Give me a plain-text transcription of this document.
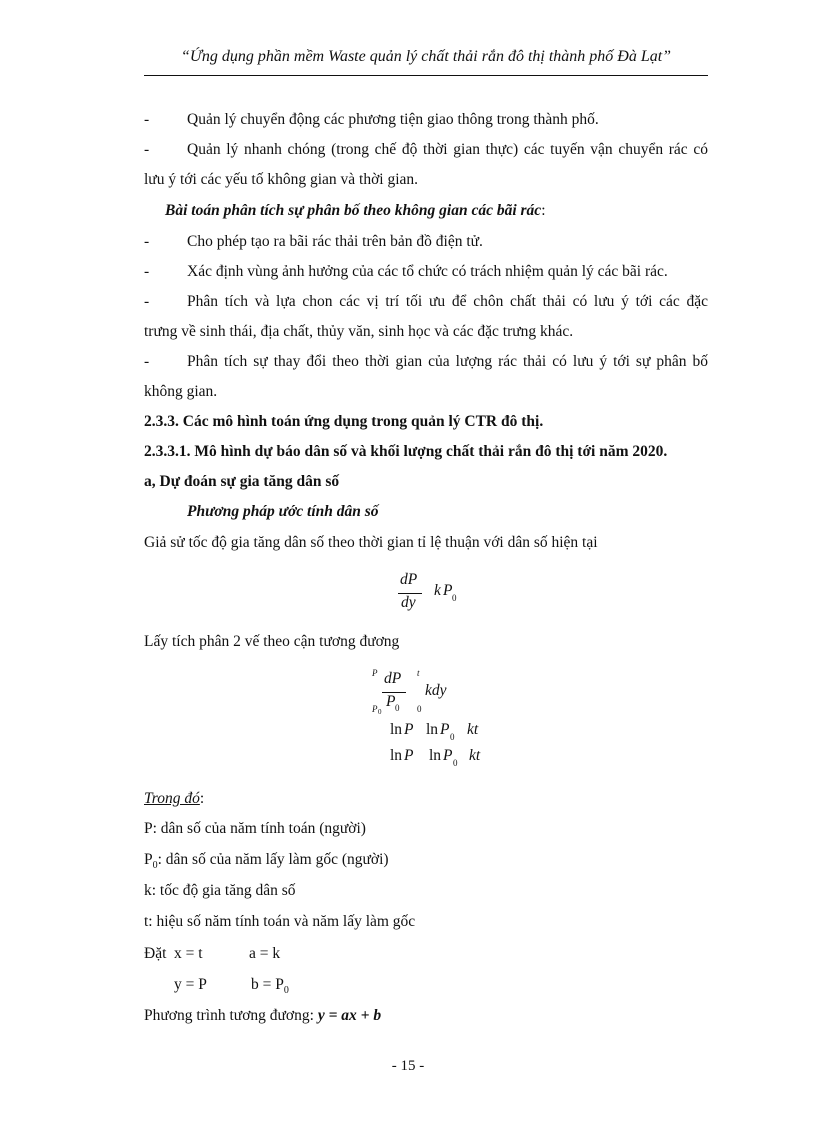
“Ứng dụng phần mềm Waste quản lý chất thải rắn đô thị thành phố Đà Lạt”
- Quản lý chuyển động các phương tiện giao thông trong thành phố.
- Quản lý nhanh chóng (trong chế độ thời gian thực) các tuyến vận chuyển rác có
lưu ý tới các yếu tố không gian và thời gian.
Bài toán phân tích sự phân bố theo không gian các bãi rác:
- Cho phép tạo ra bãi rác thải trên bản đồ điện tử.
- Xác định vùng ảnh hưởng của các tổ chức có trách nhiệm quản lý các bãi rác.
- Phân tích và lựa chon các vị trí tối ưu để chôn chất thải có lưu ý tới các đặc
trưng về sinh thái, địa chất, thủy văn, sinh học và các đặc trưng khác.
- Phân tích sự thay đổi theo thời gian của lượng rác thải có lưu ý tới sự phân bố
không gian.
2.3.3. Các mô hình toán ứng dụng trong quản lý CTR đô thị.
2.3.3.1. Mô hình dự báo dân số và khối lượng chất thải rắn đô thị tới năm 2020.
a, Dự đoán sự gia tăng dân số
Phương pháp ước tính dân số
Giả sử tốc độ gia tăng dân số theo thời gian tỉ lệ thuận với dân số hiện tại
dP
dy
k P 0
Lấy tích phân 2 vế theo cận tương đương
P
P 0
dP
P 0
t
0
kdy
ln P ln P 0 kt
ln P ln P 0 kt
Trong đó:
P: dân số của năm tính toán (người)
$P_0$: dân số của năm lấy làm gốc (người)
k: tốc độ gia tăng dân số
t: hiệu số năm tính toán và năm lấy làm gốc
Đặt x = t	a = k
y = P	$b = P_0$
Phương trình tương đương: y = ax + b
- 15 -
